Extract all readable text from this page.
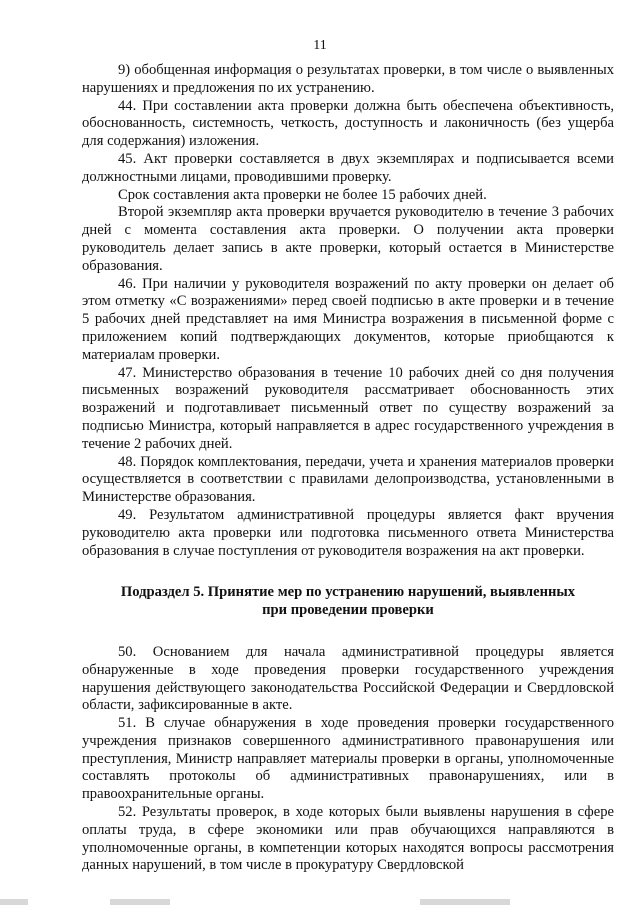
11

9) обобщенная информация о результатах проверки, в том числе о выявленных нарушениях и предложения по их устранению.

44. При составлении акта проверки должна быть обеспечена объективность, обоснованность, системность, четкость, доступность и лаконичность (без ущерба для содержания) изложения.

45. Акт проверки составляется в двух экземплярах и подписывается всеми должностными лицами, проводившими проверку.

Срок составления акта проверки не более 15 рабочих дней.

Второй экземпляр акта проверки вручается руководителю в течение 3 рабочих дней с момента составления акта проверки. О получении акта проверки руководитель делает запись в акте проверки, который остается в Министерстве образования.

46. При наличии у руководителя возражений по акту проверки он делает об этом отметку «С возражениями» перед своей подписью в акте проверки и в течение 5 рабочих дней представляет на имя Министра возражения в письменной форме с приложением копий подтверждающих документов, которые приобщаются к материалам проверки.

47. Министерство образования в течение 10 рабочих дней со дня получения письменных возражений руководителя рассматривает обоснованность этих возражений и подготавливает письменный ответ по существу возражений за подписью Министра, который направляется в адрес государственного учреждения в течение 2 рабочих дней.

48. Порядок комплектования, передачи, учета и хранения материалов проверки осуществляется в соответствии с правилами делопроизводства, установленными в Министерстве образования.

49. Результатом административной процедуры является факт вручения руководителю акта проверки или подготовка письменного ответа Министерства образования в случае поступления от руководителя возражения на акт проверки.

Подраздел 5. Принятие мер по устранению нарушений, выявленных при проведении проверки

50. Основанием для начала административной процедуры является обнаруженные в ходе проведения проверки государственного учреждения нарушения действующего законодательства Российской Федерации и Свердловской области, зафиксированные в акте.

51. В случае обнаружения в ходе проведения проверки государственного учреждения признаков совершенного административного правонарушения или преступления, Министр направляет материалы проверки в органы, уполномоченные составлять протоколы об административных правонарушениях, или в правоохранительные органы.

52. Результаты проверок, в ходе которых были выявлены нарушения в сфере оплаты труда, в сфере экономики или прав обучающихся направляются в уполномоченные органы, в компетенции которых находятся вопросы рассмотрения данных нарушений, в том числе в прокуратуру Свердловской
